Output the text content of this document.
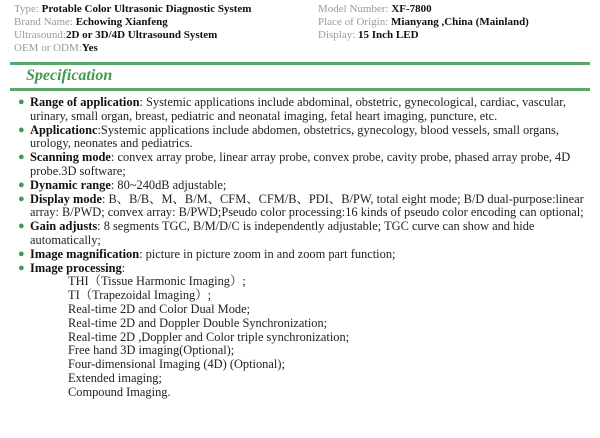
Type: Protable Color Ultrasonic Diagnostic System
Brand Name: Echowing Xianfeng
Ultrasound:2D or 3D/4D Ultrasound System
OEM or ODM:Yes
Model Number: XF-7800
Place of Origin: Mianyang ,China (Mainland)
Display: 15 Inch LED
Specification
● Range of application: Systemic applications include abdominal, obstetric, gynecological, cardiac, vascular, urinary, small organ, breast, pediatric and neonatal imaging, fetal heart imaging, puncture, etc.
● Applicationc:Systemic applications include abdomen, obstetrics, gynecology, blood vessels, small organs, urology, neonates and pediatrics.
● Scanning mode: convex array probe, linear array probe, convex probe, cavity probe, phased array probe, 4D probe.3D software;
● Dynamic range: 80~240dB adjustable;
● Display mode: B、B/B、M、B/M、CFM、CFM/B、PDI、B/PW, total eight mode; B/D dual-purpose:linear array: B/PWD; convex array: B/PWD;Pseudo color processing:16 kinds of pseudo color encoding can optional;
● Gain adjusts: 8 segments TGC, B/M/D/C is independently adjustable; TGC curve can show and hide automatically;
● Image magnification: picture in picture zoom in and zoom part function;
● Image processing:
THI（Tissue Harmonic Imaging）;
TI（Trapezoidal Imaging）;
Real-time 2D and Color Dual Mode;
Real-time 2D and Doppler Double Synchronization;
Real-time 2D ,Doppler and Color triple synchronization;
Free hand 3D imaging(Optional);
Four-dimensional Imaging (4D) (Optional);
Extended imaging;
Compound Imaging.
